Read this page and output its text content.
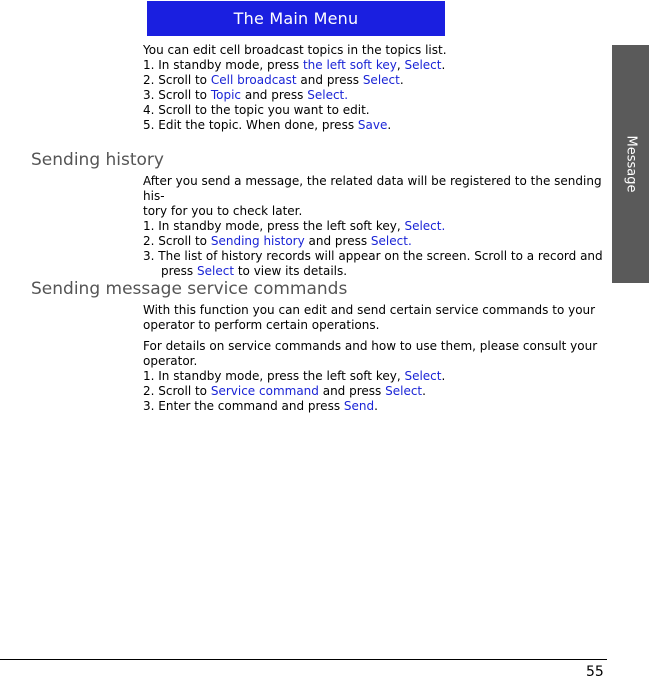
The Main Menu
Message

You can edit cell broadcast topics in the topics list.

1. In standby mode, press the left soft key, Select.

2. Scroll to Cell broadcast and press Select.

3. Scroll to Topic and press Select.

4. Scroll to the topic you want to edit.

5. Edit the topic. When done, press Save.

Sending history

After you send a message, the related data will be registered to the sending his-

tory for you to check later.

1. In standby mode, press the left soft key, Select.

2. Scroll to Sending history and press Select.

3. The list of history records will appear on the screen. Scroll to a record and

press Select to view its details.

Sending message service commands

With this function you can edit and send certain service commands to your

operator to perform certain operations.

For details on service commands and how to use them, please consult your

operator.

1. In standby mode, press the left soft key, Select.

2. Scroll to Service command and press Select.

3. Enter the command and press Send.

55
